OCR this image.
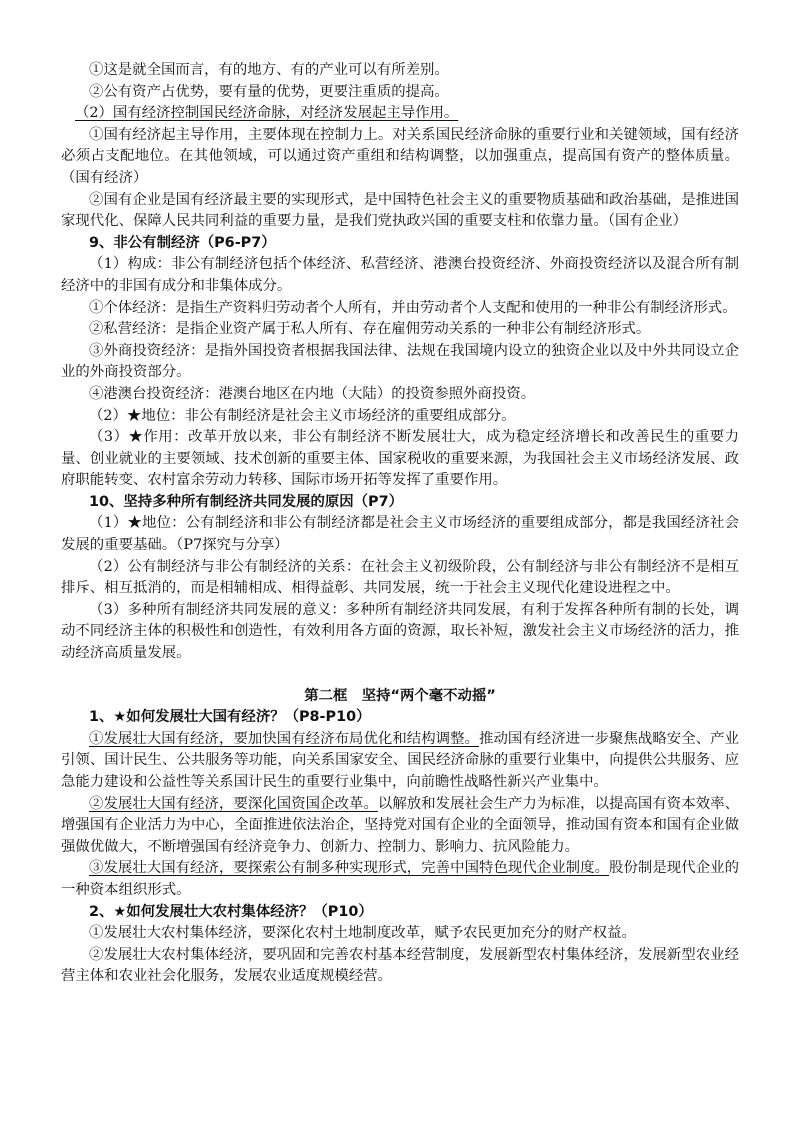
①这是就全国而言，有的地方、有的产业可以有所差别。

②公有资产占优势，要有量的优势，更要注重质的提高。

（2）国有经济控制国民经济命脉，对经济发展起主导作用。

①国有经济起主导作用，主要体现在控制力上。对关系国民经济命脉的重要行业和关键领域，国有经济必须占支配地位。在其他领域，可以通过资产重组和结构调整，以加强重点，提高国有资产的整体质量。（国有经济）

②国有企业是国有经济最主要的实现形式，是中国特色社会主义的重要物质基础和政治基础，是推进国家现代化、保障人民共同利益的重要力量，是我们党执政兴国的重要支柱和依靠力量。（国有企业）

9、非公有制经济（P6-P7）

（1）构成：非公有制经济包括个体经济、私营经济、港澳台投资经济、外商投资经济以及混合所有制经济中的非国有成分和非集体成分。

①个体经济：是指生产资料归劳动者个人所有，并由劳动者个人支配和使用的一种非公有制经济形式。

②私营经济：是指企业资产属于私人所有、存在雇佣劳动关系的一种非公有制经济形式。

③外商投资经济：是指外国投资者根据我国法律、法规在我国境内设立的独资企业以及中外共同设立企业的外商投资部分。

④港澳台投资经济：港澳台地区在内地（大陆）的投资参照外商投资。

（2）★地位：非公有制经济是社会主义市场经济的重要组成部分。

（3）★作用：改革开放以来，非公有制经济不断发展壮大，成为稳定经济增长和改善民生的重要力量、创业就业的主要领域、技术创新的重要主体、国家税收的重要来源，为我国社会主义市场经济发展、政府职能转变、农村富余劳动力转移、国际市场开拓等发挥了重要作用。

10、坚持多种所有制经济共同发展的原因（P7）

（1）★地位：公有制经济和非公有制经济都是社会主义市场经济的重要组成部分，都是我国经济社会发展的重要基础。（P7探究与分享）

（2）公有制经济与非公有制经济的关系：在社会主义初级阶段，公有制经济与非公有制经济不是相互排斥、相互抵消的，而是相辅相成、相得益彰、共同发展，统一于社会主义现代化建设进程之中。

（3）多种所有制经济共同发展的意义：多种所有制经济共同发展，有利于发挥各种所有制的长处，调动不同经济主体的积极性和创造性，有效利用各方面的资源，取长补短，激发社会主义市场经济的活力，推动经济高质量发展。

第二框　坚持“两个毫不动摇”

1、★如何发展壮大国有经济？（P8-P10）

①发展壮大国有经济，要加快国有经济布局优化和结构调整。推动国有经济进一步聚焦战略安全、产业引领、国计民生、公共服务等功能，向关系国家安全、国民经济命脉的重要行业集中，向提供公共服务、应急能力建设和公益性等关系国计民生的重要行业集中，向前瞻性战略性新兴产业集中。

②发展壮大国有经济，要深化国资国企改革。以解放和发展社会生产力为标准，以提高国有资本效率、增强国有企业活力为中心，全面推进依法治企，坚持党对国有企业的全面领导，推动国有资本和国有企业做强做优做大，不断增强国有经济竞争力、创新力、控制力、影响力、抗风险能力。

③发展壮大国有经济，要探索公有制多种实现形式，完善中国特色现代企业制度。股份制是现代企业的一种资本组织形式。

2、★如何发展壮大农村集体经济？（P10）

①发展壮大农村集体经济，要深化农村土地制度改革，赋予农民更加充分的财产权益。

②发展壮大农村集体经济，要巩固和完善农村基本经营制度，发展新型农村集体经济，发展新型农业经营主体和农业社会化服务，发展农业适度规模经营。
